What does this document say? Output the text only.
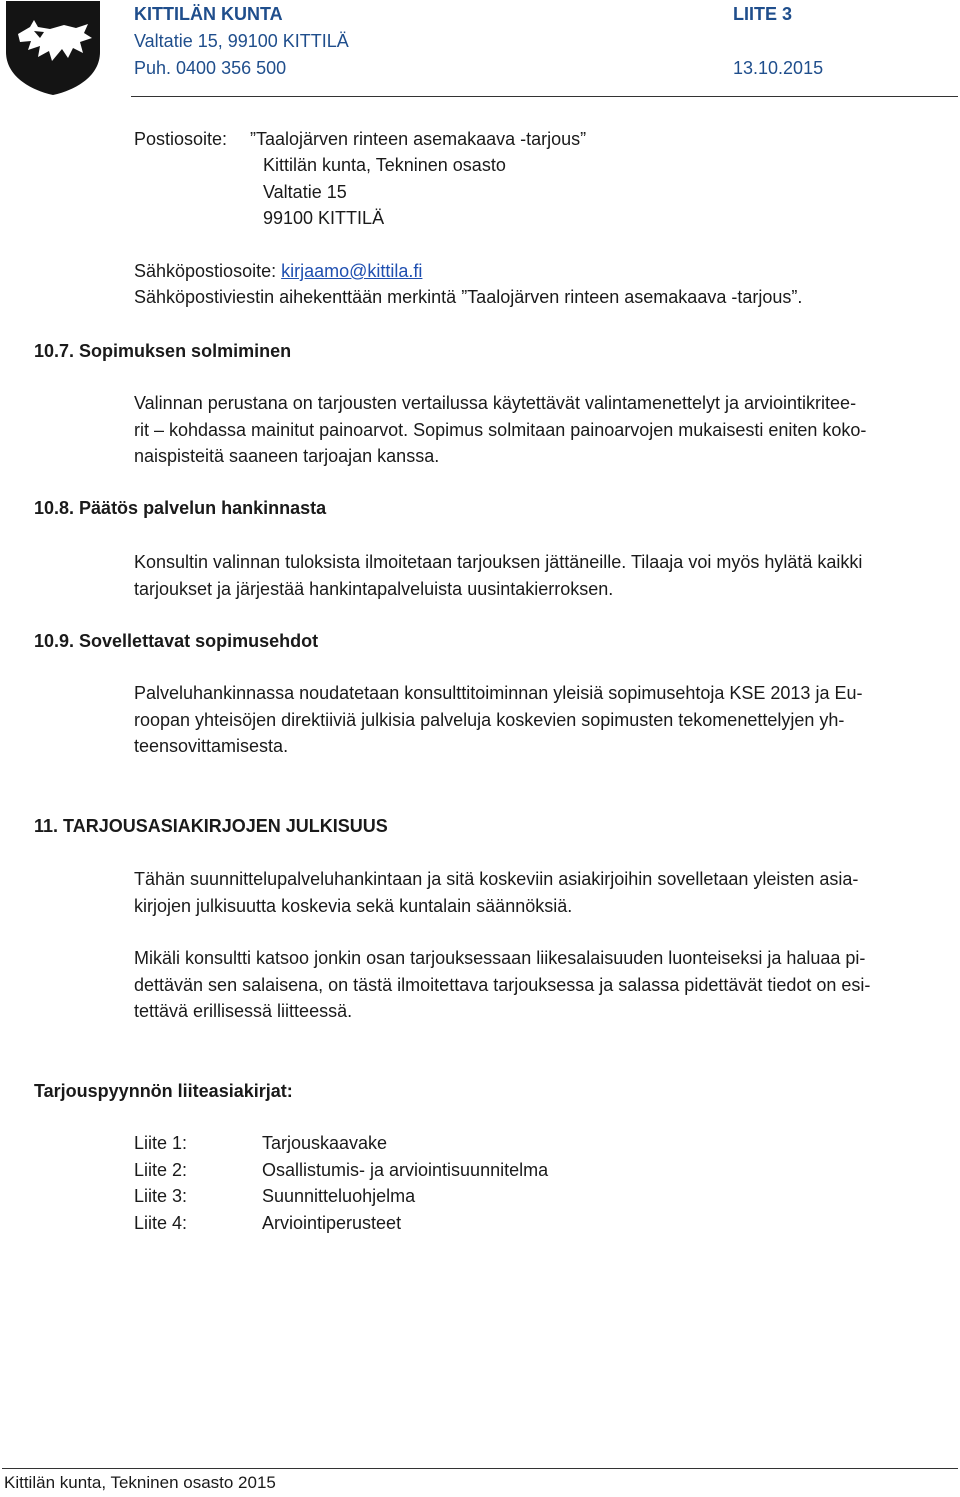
KITTILÄN KUNTA
Valtatie 15, 99100 KITTILÄ
Puh. 0400 356 500
LIITE 3
13.10.2015
Postiosoite: ”Taalojärven rinteen asemakaava -tarjous”
Kittilän kunta, Tekninen osasto
Valtatie 15
99100 KITTILÄ
Sähköpostiosoite: kirjaamo@kittila.fi
Sähköpostiviestin aihekenttään merkintä ”Taalojärven rinteen asemakaava -tarjous”.
10.7. Sopimuksen solmiminen
Valinnan perustana on tarjousten vertailussa käytettävät valintamenettelyt ja arviointikritee-
rit – kohdassa mainitut painoarvot. Sopimus solmitaan painoarvojen mukaisesti eniten koko-
naispisteitä saaneen tarjoajan kanssa.
10.8. Päätös palvelun hankinnasta
Konsultin valinnan tuloksista ilmoitetaan tarjouksen jättäneille. Tilaaja voi myös hylätä kaikki
tarjoukset ja järjestää hankintapalveluista uusintakierroksen.
10.9. Sovellettavat sopimusehdot
Palveluhankinnassa noudatetaan konsulttitoiminnan yleisiä sopimusehtoja KSE 2013 ja Eu-
roopan yhteisöjen direktiiviä julkisia palveluja koskevien sopimusten tekomenettelyjen yh-
teensovittamisesta.
11. TARJOUSASIAKIRJOJEN JULKISUUS
Tähän suunnittelupalveluhankintaan ja sitä koskeviin asiakirjoihin sovelletaan yleisten asia-
kirjojen julkisuutta koskevia sekä kuntalain säännöksiä.
Mikäli konsultti katsoo jonkin osan tarjouksessaan liikesalaisuuden luonteiseksi ja haluaa pi-
dettävän sen salaisena, on tästä ilmoitettava tarjouksessa ja salassa pidettävät tiedot on esi-
tettävä erillisessä liitteessä.
Tarjouspyynnön liiteasiakirjat:
Liite 1:
Liite 2:
Liite 3:
Liite 4:
Tarjouskaavake
Osallistumis- ja arviointisuunnitelma
Suunnitteluohjelma
Arviointiperusteet
Kittilän kunta, Tekninen osasto 2015
